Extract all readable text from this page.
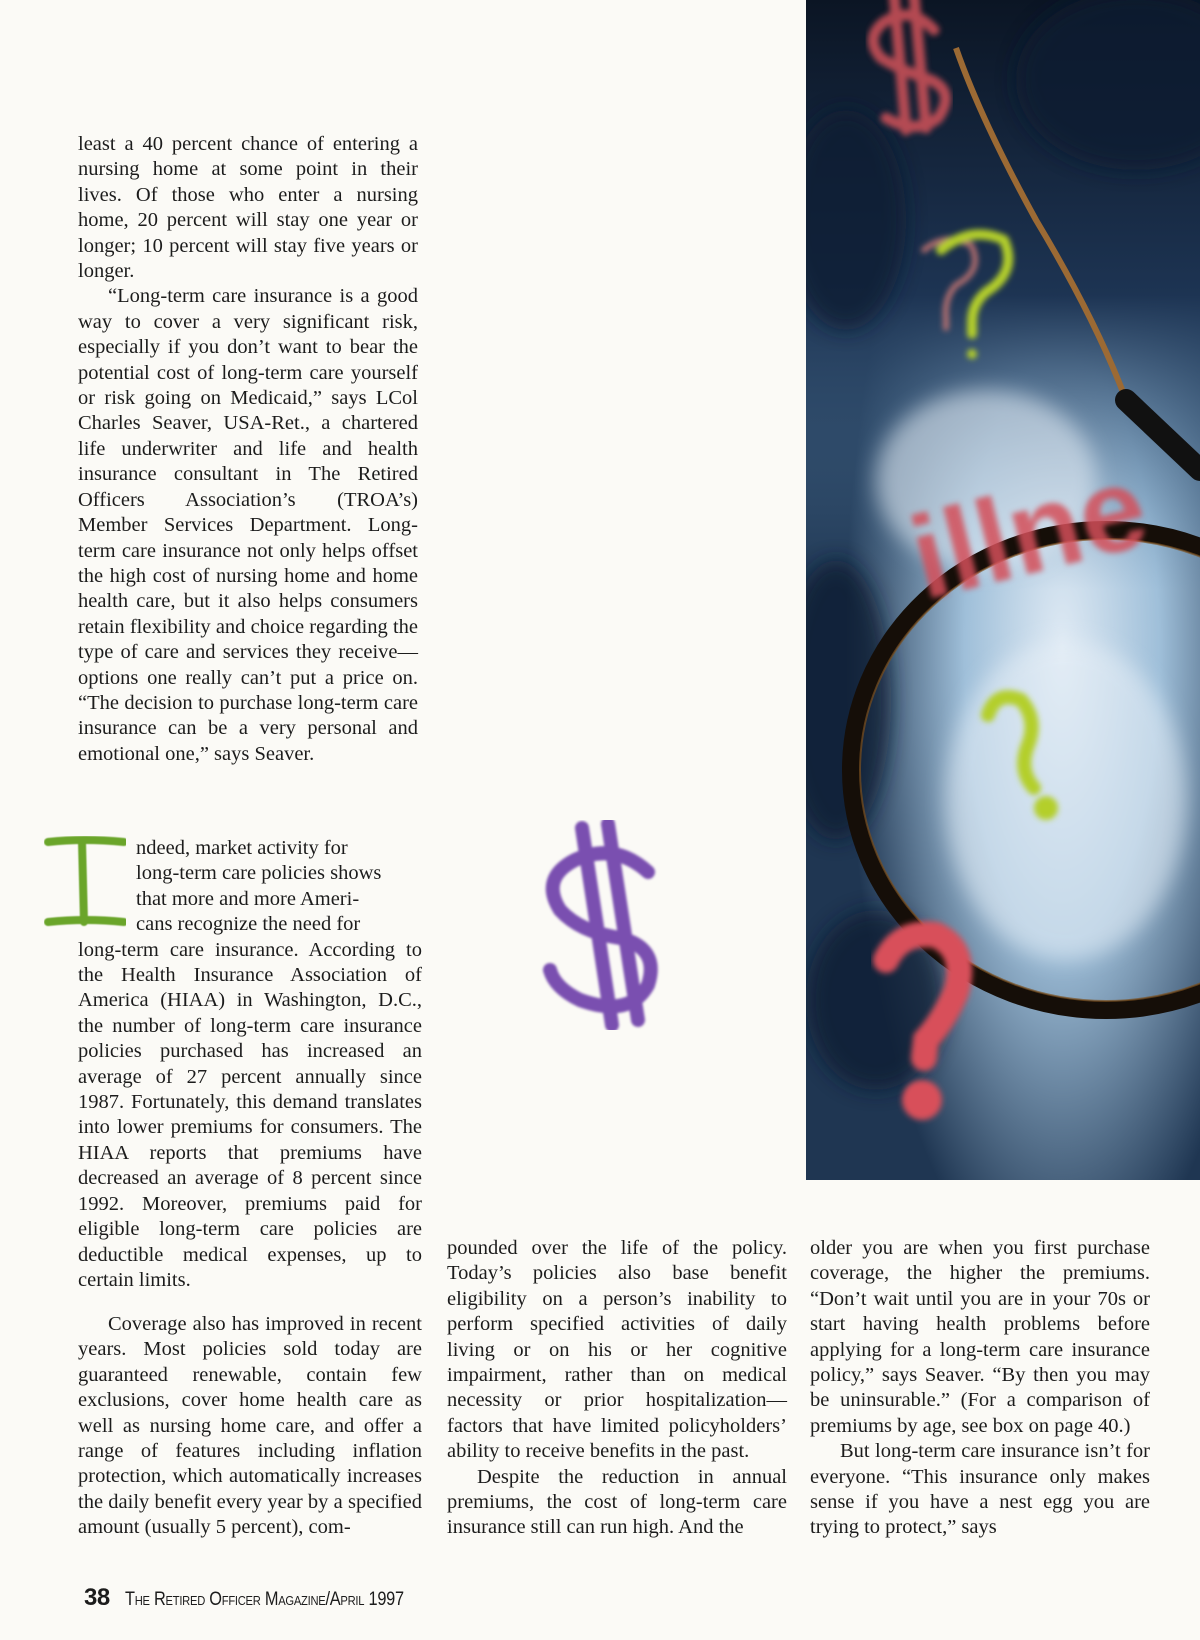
least a 40 percent chance of entering a nursing home at some point in their lives. Of those who enter a nursing home, 20 percent will stay one year or longer; 10 percent will stay five years or longer.

“Long-term care insurance is a good way to cover a very significant risk, especially if you don’t want to bear the potential cost of long-term care yourself or risk going on Medicaid,” says LCol Charles Seaver, USA-Ret., a chartered life underwriter and life and health insurance consultant in The Retired Officers Association’s (TROA’s) Member Services Department. Long-term care insurance not only helps offset the high cost of nursing home and home health care, but it also helps consumers retain flexibility and choice regarding the type of care and services they receive—options one really can’t put a price on. “The decision to purchase long-term care insurance can be a very personal and emotional one,” says Seaver.

ndeed, market activity for
long-term care policies shows
that more and more Ameri-
cans recognize the need for
long-term care insurance. According to the Health Insurance Association of America (HIAA) in Washington, D.C., the number of long-term care insurance policies purchased has increased an average of 27 percent annually since 1987. Fortunately, this demand translates into lower premiums for consumers. The HIAA reports that premiums have decreased an average of 8 percent since 1992. Moreover, premiums paid for eligible long-term care policies are deductible medical expenses, up to certain limits.

Coverage also has improved in recent years. Most policies sold today are guaranteed renewable, contain few exclusions, cover home health care as well as nursing home care, and offer a range of features including inflation protection, which automatically increases the daily benefit every year by a specified amount (usually 5 percent), com-

pounded over the life of the policy. Today’s policies also base benefit eligibility on a person’s inability to perform specified activities of daily living or on his or her cognitive impairment, rather than on medical necessity or prior hospitalization—factors that have limited policyholders’ ability to receive benefits in the past.

Despite the reduction in annual premiums, the cost of long-term care insurance still can run high. And the

older you are when you first purchase coverage, the higher the premiums. “Don’t wait until you are in your 70s or start having health problems before applying for a long-term care insurance policy,” says Seaver. “By then you may be uninsurable.” (For a comparison of premiums by age, see box on page 40.)

But long-term care insurance isn’t for everyone. “This insurance only makes sense if you have a nest egg you are trying to protect,” says

illne
38 The Retired Officer Magazine/April 1997
